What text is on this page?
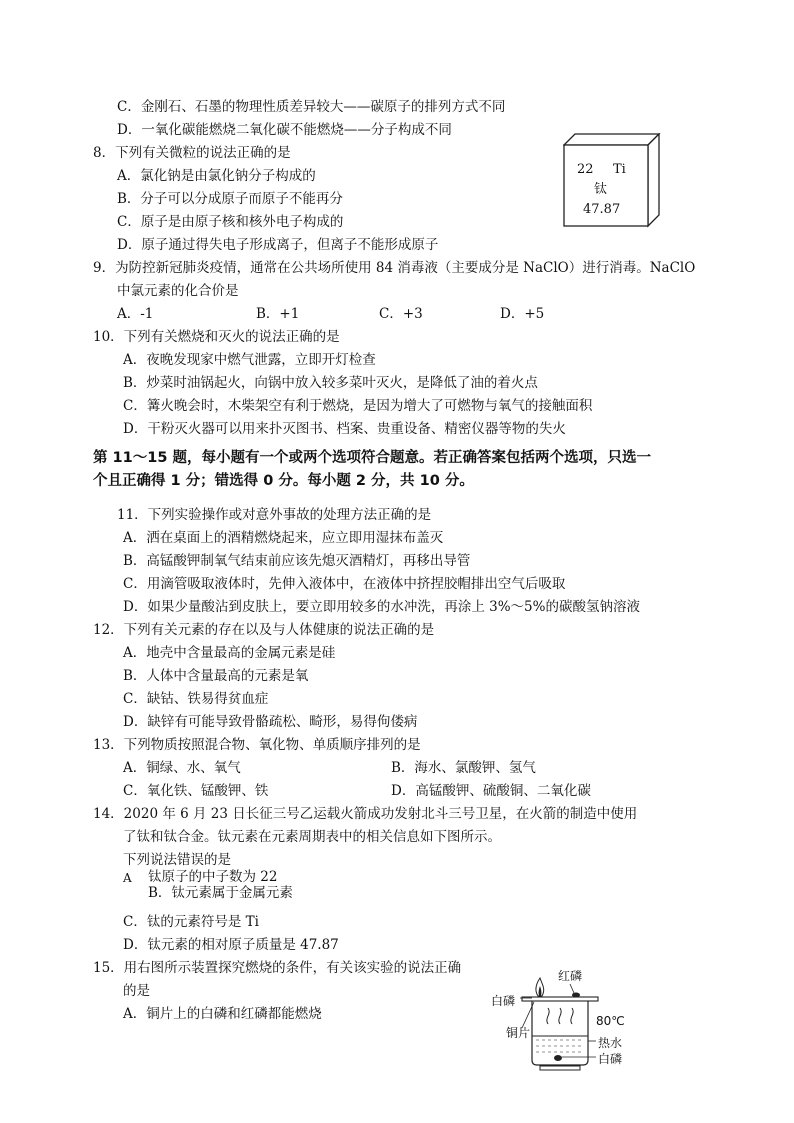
C．金刚石、石墨的物理性质差异较大——碳原子的排列方式不同
D．一氧化碳能燃烧二氧化碳不能燃烧——分子构成不同
8．下列有关微粒的说法正确的是
A．氯化钠是由氯化钠分子构成的
B．分子可以分成原子而原子不能再分
C．原子是由原子核和核外电子构成的
D．原子通过得失电子形成离子，但离子不能形成原子
22 Ti
钛
47.87
9．为防控新冠肺炎疫情，通常在公共场所使用 84 消毒液（主要成分是 NaClO）进行消毒。NaClO
中氯元素的化合价是
A．-1	B．+1	C．+3	D．+5
10．下列有关燃烧和灭火的说法正确的是
A．夜晚发现家中燃气泄露，立即开灯检查
B．炒菜时油锅起火，向锅中放入较多菜叶灭火，是降低了油的着火点
C．篝火晚会时，木柴架空有利于燃烧，是因为增大了可燃物与氧气的接触面积
D．干粉灭火器可以用来扑灭图书、档案、贵重设备、精密仪器等物的失火
第 11～15 题，每小题有一个或两个选项符合题意。若正确答案包括两个选项，只选一
个且正确得 1 分；错选得 0 分。每小题 2 分，共 10 分。
11．下列实验操作或对意外事故的处理方法正确的是
A．洒在桌面上的酒精燃烧起来，应立即用湿抹布盖灭
B．高锰酸钾制氧气结束前应该先熄灭酒精灯，再移出导管
C．用滴管吸取液体时，先伸入液体中，在液体中挤捏胶帽排出空气后吸取
D．如果少量酸沾到皮肤上，要立即用较多的水冲洗，再涂上 3%～5%的碳酸氢钠溶液
12．下列有关元素的存在以及与人体健康的说法正确的是
A．地壳中含量最高的金属元素是硅
B．人体中含量最高的元素是氧
C．缺钴、铁易得贫血症
D．缺锌有可能导致骨骼疏松、畸形，易得佝偻病
13．下列物质按照混合物、氧化物、单质顺序排列的是
A．铜绿、水、氧气	B．海水、氯酸钾、氢气
C．氧化铁、锰酸钾、铁	D．高锰酸钾、硫酸铜、二氧化碳
14．2020 年 6 月 23 日长征三号乙运载火箭成功发射北斗三号卫星，在火箭的制造中使用
了钛和钛合金。钛元素在元素周期表中的相关信息如下图所示。
下列说法错误的是
A 钛原子的中子数为 22
B．钛元素属于金属元素
C．钛的元素符号是 Ti
D．钛元素的相对原子质量是 47.87
15．用右图所示装置探究燃烧的条件，有关该实验的说法正确
的是
A．铜片上的白磷和红磷都能燃烧
红磷
白磷
铜片
80℃
热水
白磷
